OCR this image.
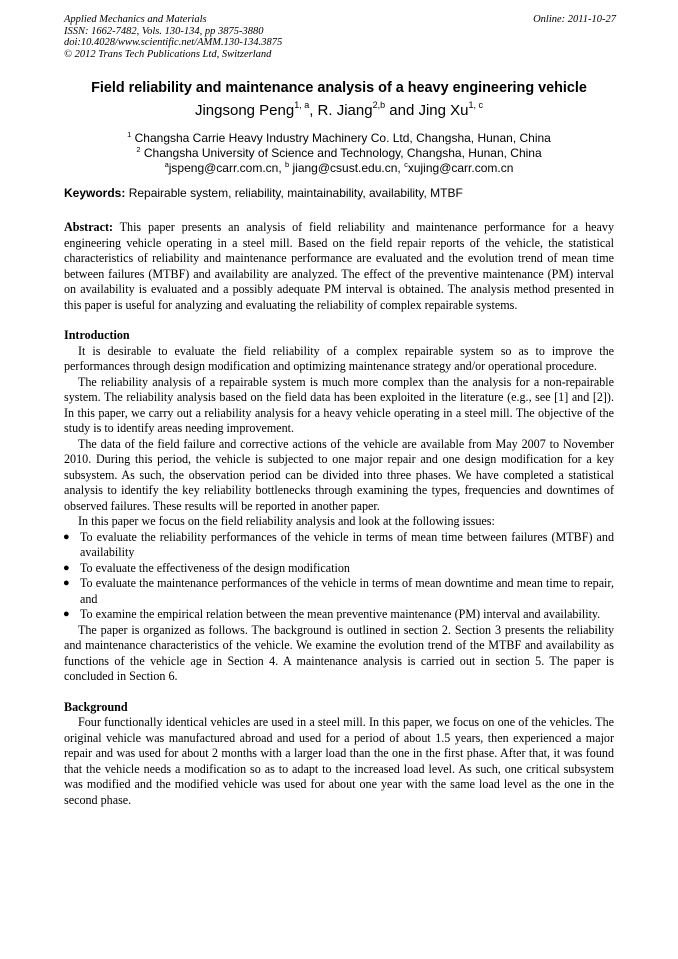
Applied Mechanics and Materials
ISSN: 1662-7482, Vols. 130-134, pp 3875-3880
doi:10.4028/www.scientific.net/AMM.130-134.3875
© 2012 Trans Tech Publications Ltd, Switzerland
Online: 2011-10-27
Field reliability and maintenance analysis of a heavy engineering vehicle
Jingsong Peng$^{1, a}$, R. Jiang$^{2,b}$ and Jing Xu$^{1, c}$
$^1$ Changsha Carrie Heavy Industry Machinery Co. Ltd, Changsha, Hunan, China
$^2$ Changsha University of Science and Technology, Changsha, Hunan, China
$^a$jspeng@carr.com.cn, $^b$ jiang@csust.edu.cn, $^c$xujing@carr.com.cn
Keywords: Repairable system, reliability, maintainability, availability, MTBF

Abstract: This paper presents an analysis of field reliability and maintenance performance for a heavy engineering vehicle operating in a steel mill. Based on the field repair reports of the vehicle, the statistical characteristics of reliability and maintenance performance are evaluated and the evolution trend of mean time between failures (MTBF) and availability are analyzed. The effect of the preventive maintenance (PM) interval on availability is evaluated and a possibly adequate PM interval is obtained. The analysis method presented in this paper is useful for analyzing and evaluating the reliability of complex repairable systems.

Introduction

It is desirable to evaluate the field reliability of a complex repairable system so as to improve the performances through design modification and optimizing maintenance strategy and/or operational procedure.

The reliability analysis of a repairable system is much more complex than the analysis for a non-repairable system. The reliability analysis based on the field data has been exploited in the literature (e.g., see [1] and [2]). In this paper, we carry out a reliability analysis for a heavy vehicle operating in a steel mill. The objective of the study is to identify areas needing improvement.

The data of the field failure and corrective actions of the vehicle are available from May 2007 to November 2010. During this period, the vehicle is subjected to one major repair and one design modification for a key subsystem. As such, the observation period can be divided into three phases. We have completed a statistical analysis to identify the key reliability bottlenecks through examining the types, frequencies and downtimes of observed failures. These results will be reported in another paper.

In this paper we focus on the field reliability analysis and look at the following issues:

● To evaluate the reliability performances of the vehicle in terms of mean time between failures (MTBF) and availability
● To evaluate the effectiveness of the design modification
● To evaluate the maintenance performances of the vehicle in terms of mean downtime and mean time to repair, and
● To examine the empirical relation between the mean preventive maintenance (PM) interval and availability.

The paper is organized as follows. The background is outlined in section 2. Section 3 presents the reliability and maintenance characteristics of the vehicle. We examine the evolution trend of the MTBF and availability as functions of the vehicle age in Section 4. A maintenance analysis is carried out in section 5. The paper is concluded in Section 6.

Background

Four functionally identical vehicles are used in a steel mill. In this paper, we focus on one of the vehicles. The original vehicle was manufactured abroad and used for a period of about 1.5 years, then experienced a major repair and was used for about 2 months with a larger load than the one in the first phase. After that, it was found that the vehicle needs a modification so as to adapt to the increased load level. As such, one critical subsystem was modified and the modified vehicle was used for about one year with the same load level as the one in the second phase.
